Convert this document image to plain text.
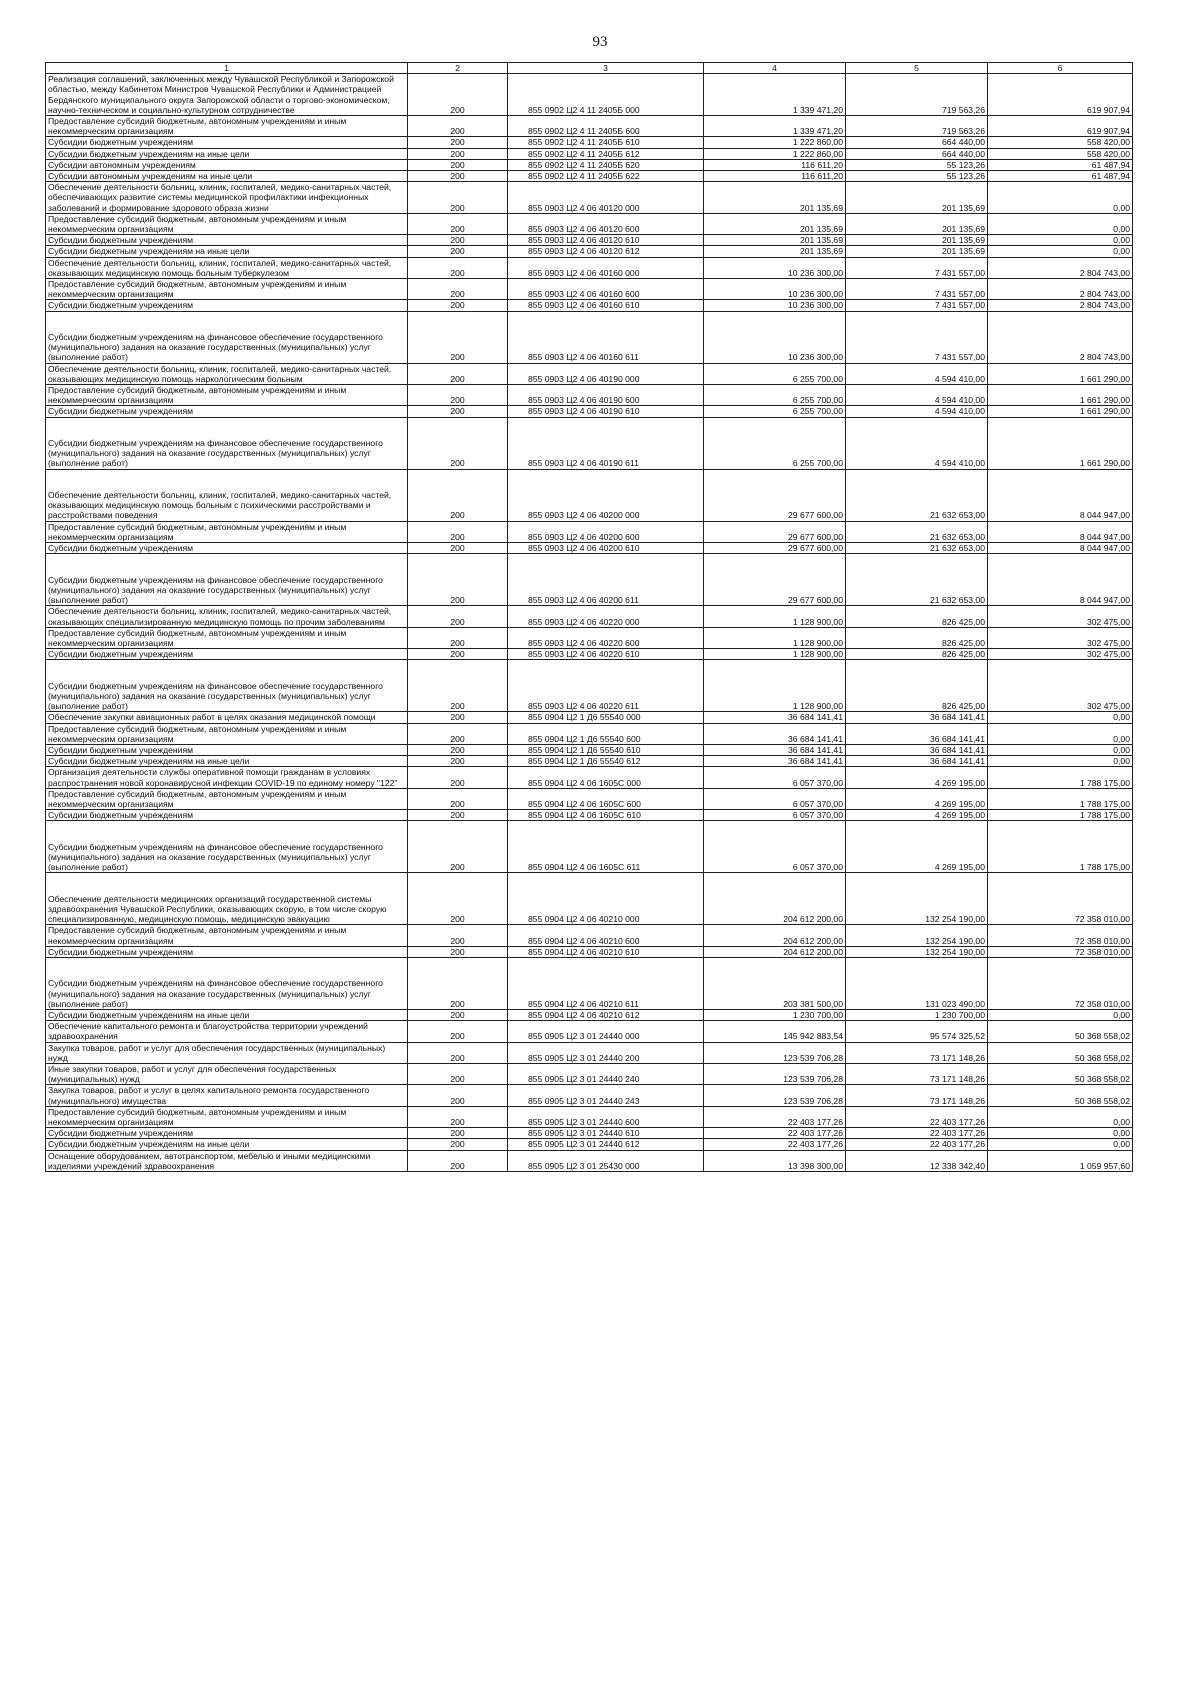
93
1	2	3	4	5	6
Реализация соглашений, заключенных между Чувашской Республикой и Запорожской областью, между Кабинетом Министров Чувашской Республики и Администрацией Бердянского муниципального округа Запорожской области о торгово-экономическом, научно-техническом и социально-культурном сотрудничестве	200	855 0902 Ц2 4 11 2405Б 000	1 339 471,20	719 563,26	619 907,94
Предоставление субсидий бюджетным, автономным учреждениям и иным некоммерческим организациям	200	855 0902 Ц2 4 11 2405Б 600	1 339 471,20	719 563,26	619 907,94
Субсидии бюджетным учреждениям	200	855 0902 Ц2 4 11 2405Б 610	1 222 860,00	664 440,00	558 420,00
Субсидии бюджетным учреждениям на иные цели	200	855 0902 Ц2 4 11 2405Б 612	1 222 860,00	664 440,00	558 420,00
Субсидии автономным учреждениям	200	855 0902 Ц2 4 11 2405Б 620	116 611,20	55 123,26	61 487,94
Субсидии автономным учреждениям на иные цели	200	855 0902 Ц2 4 11 2405Б 622	116 611,20	55 123,26	61 487,94
Обеспечение деятельности больниц, клиник, госпиталей, медико-санитарных частей, обеспечивающих развитие системы медицинской профилактики инфекционных заболеваний и формирование здорового образа жизни	200	855 0903 Ц2 4 06 40120 000	201 135,69	201 135,69	0,00
Предоставление субсидий бюджетным, автономным учреждениям и иным некоммерческим организациям	200	855 0903 Ц2 4 06 40120 600	201 135,69	201 135,69	0,00
Субсидии бюджетным учреждениям	200	855 0903 Ц2 4 06 40120 610	201 135,69	201 135,69	0,00
Субсидии бюджетным учреждениям на иные цели	200	855 0903 Ц2 4 06 40120 612	201 135,69	201 135,69	0,00
Обеспечение деятельности больниц, клиник, госпиталей, медико-санитарных частей, оказывающих медицинскую помощь больным туберкулезом	200	855 0903 Ц2 4 06 40160 000	10 236 300,00	7 431 557,00	2 804 743,00
Предоставление субсидий бюджетным, автономным учреждениям и иным некоммерческим организациям	200	855 0903 Ц2 4 06 40160 600	10 236 300,00	7 431 557,00	2 804 743,00
Субсидии бюджетным учреждениям	200	855 0903 Ц2 4 06 40160 610	10 236 300,00	7 431 557,00	2 804 743,00
Субсидии бюджетным учреждениям на финансовое обеспечение государственного (муниципального) задания на оказание государственных (муниципальных) услуг (выполнение работ)	200	855 0903 Ц2 4 06 40160 611	10 236 300,00	7 431 557,00	2 804 743,00
Обеспечение деятельности больниц, клиник, госпиталей, медико-санитарных частей, оказывающих медицинскую помощь наркологическим больным	200	855 0903 Ц2 4 06 40190 000	6 255 700,00	4 594 410,00	1 661 290,00
Предоставление субсидий бюджетным, автономным учреждениям и иным некоммерческим организациям	200	855 0903 Ц2 4 06 40190 600	6 255 700,00	4 594 410,00	1 661 290,00
Субсидии бюджетным учреждениям	200	855 0903 Ц2 4 06 40190 610	6 255 700,00	4 594 410,00	1 661 290,00
Субсидии бюджетным учреждениям на финансовое обеспечение государственного (муниципального) задания на оказание государственных (муниципальных) услуг (выполнение работ)	200	855 0903 Ц2 4 06 40190 611	6 255 700,00	4 594 410,00	1 661 290,00
Обеспечение деятельности больниц, клиник, госпиталей, медико-санитарных частей, оказывающих медицинскую помощь больным с психическими расстройствами и расстройствами поведения	200	855 0903 Ц2 4 06 40200 000	29 677 600,00	21 632 653,00	8 044 947,00
Предоставление субсидий бюджетным, автономным учреждениям и иным некоммерческим организациям	200	855 0903 Ц2 4 06 40200 600	29 677 600,00	21 632 653,00	8 044 947,00
Субсидии бюджетным учреждениям	200	855 0903 Ц2 4 06 40200 610	29 677 600,00	21 632 653,00	8 044 947,00
Субсидии бюджетным учреждениям на финансовое обеспечение государственного (муниципального) задания на оказание государственных (муниципальных) услуг (выполнение работ)	200	855 0903 Ц2 4 06 40200 611	29 677 600,00	21 632 653,00	8 044 947,00
Обеспечение деятельности больниц, клиник, госпиталей, медико-санитарных частей, оказывающих специализированную медицинскую помощь по прочим заболеваниям	200	855 0903 Ц2 4 06 40220 000	1 128 900,00	826 425,00	302 475,00
Предоставление субсидий бюджетным, автономным учреждениям и иным некоммерческим организациям	200	855 0903 Ц2 4 06 40220 600	1 128 900,00	826 425,00	302 475,00
Субсидии бюджетным учреждениям	200	855 0903 Ц2 4 06 40220 610	1 128 900,00	826 425,00	302 475,00
Субсидии бюджетным учреждениям на финансовое обеспечение государственного (муниципального) задания на оказание государственных (муниципальных) услуг (выполнение работ)	200	855 0903 Ц2 4 06 40220 611	1 128 900,00	826 425,00	302 475,00
Обеспечение закупки авиационных работ в целях оказания медицинской помощи	200	855 0904 Ц2 1 Д6 55540 000	36 684 141,41	36 684 141,41	0,00
Предоставление субсидий бюджетным, автономным учреждениям и иным некоммерческим организациям	200	855 0904 Ц2 1 Д6 55540 600	36 684 141,41	36 684 141,41	0,00
Субсидии бюджетным учреждениям	200	855 0904 Ц2 1 Д6 55540 610	36 684 141,41	36 684 141,41	0,00
Субсидии бюджетным учреждениям на иные цели	200	855 0904 Ц2 1 Д6 55540 612	36 684 141,41	36 684 141,41	0,00
Организация деятельности службы оперативной помощи гражданам в условиях распространения новой коронавирусной инфекции COVID-19 по единому номеру "122"	200	855 0904 Ц2 4 06 1605С 000	6 057 370,00	4 269 195,00	1 788 175,00
Предоставление субсидий бюджетным, автономным учреждениям и иным некоммерческим организациям	200	855 0904 Ц2 4 06 1605С 600	6 057 370,00	4 269 195,00	1 788 175,00
Субсидии бюджетным учреждениям	200	855 0904 Ц2 4 06 1605С 610	6 057 370,00	4 269 195,00	1 788 175,00
Субсидии бюджетным учреждениям на финансовое обеспечение государственного (муниципального) задания на оказание государственных (муниципальных) услуг (выполнение работ)	200	855 0904 Ц2 4 06 1605С 611	6 057 370,00	4 269 195,00	1 788 175,00
Обеспечение деятельности медицинских организаций государственной системы здравоохранения Чувашской Республики, оказывающих скорую, в том числе скорую специализированную, медицинскую помощь, медицинскую эвакуацию	200	855 0904 Ц2 4 06 40210 000	204 612 200,00	132 254 190,00	72 358 010,00
Предоставление субсидий бюджетным, автономным учреждениям и иным некоммерческим организациям	200	855 0904 Ц2 4 06 40210 600	204 612 200,00	132 254 190,00	72 358 010,00
Субсидии бюджетным учреждениям	200	855 0904 Ц2 4 06 40210 610	204 612 200,00	132 254 190,00	72 358 010,00
Субсидии бюджетным учреждениям на финансовое обеспечение государственного (муниципального) задания на оказание государственных (муниципальных) услуг (выполнение работ)	200	855 0904 Ц2 4 06 40210 611	203 381 500,00	131 023 490,00	72 358 010,00
Субсидии бюджетным учреждениям на иные цели	200	855 0904 Ц2 4 06 40210 612	1 230 700,00	1 230 700,00	0,00
Обеспечение капитального ремонта и благоустройства территории учреждений здравоохранения	200	855 0905 Ц2 3 01 24440 000	145 942 883,54	95 574 325,52	50 368 558,02
Закупка товаров, работ и услуг для обеспечения государственных (муниципальных) нужд	200	855 0905 Ц2 3 01 24440 200	123 539 706,28	73 171 148,26	50 368 558,02
Иные закупки товаров, работ и услуг для обеспечения государственных (муниципальных) нужд	200	855 0905 Ц2 3 01 24440 240	123 539 706,28	73 171 148,26	50 368 558,02
Закупка товаров, работ и услуг в целях капитального ремонта государственного (муниципального) имущества	200	855 0905 Ц2 3 01 24440 243	123 539 706,28	73 171 148,26	50 368 558,02
Предоставление субсидий бюджетным, автономным учреждениям и иным некоммерческим организациям	200	855 0905 Ц2 3 01 24440 600	22 403 177,26	22 403 177,26	0,00
Субсидии бюджетным учреждениям	200	855 0905 Ц2 3 01 24440 610	22 403 177,26	22 403 177,26	0,00
Субсидии бюджетным учреждениям на иные цели	200	855 0905 Ц2 3 01 24440 612	22 403 177,26	22 403 177,26	0,00
Оснащение оборудованием, автотранспортом, мебелью и иными медицинскими изделиями учреждений здравоохранения	200	855 0905 Ц2 3 01 25430 000	13 398 300,00	12 338 342,40	1 059 957,60
